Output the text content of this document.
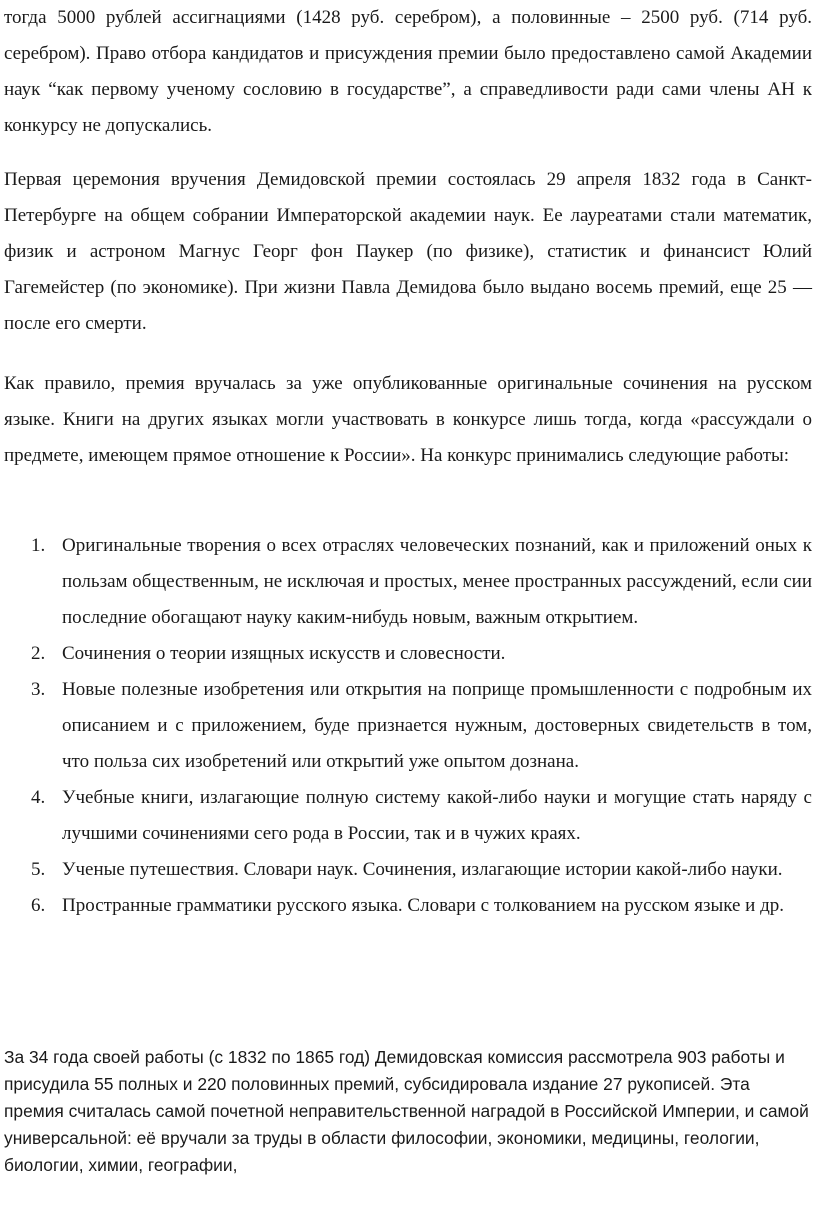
тогда 5000 рублей ассигнациями (1428 руб. серебром), а половинные – 2500 руб. (714 руб. серебром). Право отбора кандидатов и присуждения премии было предоставлено самой Академии наук “как первому ученому сословию в государстве”, а справедливости ради сами члены АН к конкурсу не допускались.

Первая церемония вручения Демидовской премии состоялась 29 апреля 1832 года в Санкт-Петербурге на общем собрании Императорской академии наук. Ее лауреатами стали математик, физик и астроном Магнус Георг фон Паукер (по физике), статистик и финансист Юлий Гагемейстер (по экономике). При жизни Павла Демидова было выдано восемь премий, еще 25 — после его смерти.

Как правило, премия вручалась за уже опубликованные оригинальные сочинения на русском языке. Книги на других языках могли участвовать в конкурсе лишь тогда, когда «рассуждали о предмете, имеющем прямое отношение к России». На конкурс принимались следующие работы:

1. Оригинальные творения о всех отраслях человеческих познаний, как и приложений оных к пользам общественным, не исключая и простых, менее пространных рассуждений, если сии последние обогащают науку каким-нибудь новым, важным открытием.
2. Сочинения о теории изящных искусств и словесности.
3. Новые полезные изобретения или открытия на поприще промышленности с подробным их описанием и с приложением, буде признается нужным, достоверных свидетельств в том, что польза сих изобретений или открытий уже опытом дознана.
4. Учебные книги, излагающие полную систему какой-либо науки и могущие стать наряду с лучшими сочинениями сего рода в России, так и в чужих краях.
5. Ученые путешествия. Словари наук. Сочинения, излагающие истории какой-либо науки.
6. Пространные грамматики русского языка. Словари с толкованием на русском языке и др.

За 34 года своей работы (с 1832 по 1865 год) Демидовская комиссия рассмотрела 903 работы и присудила 55 полных и 220 половинных премий, субсидировала издание 27 рукописей. Эта премия считалась самой почетной неправительственной наградой в Российской Империи, и самой универсальной: её вручали за труды в области философии, экономики, медицины, геологии, биологии, химии, географии,
